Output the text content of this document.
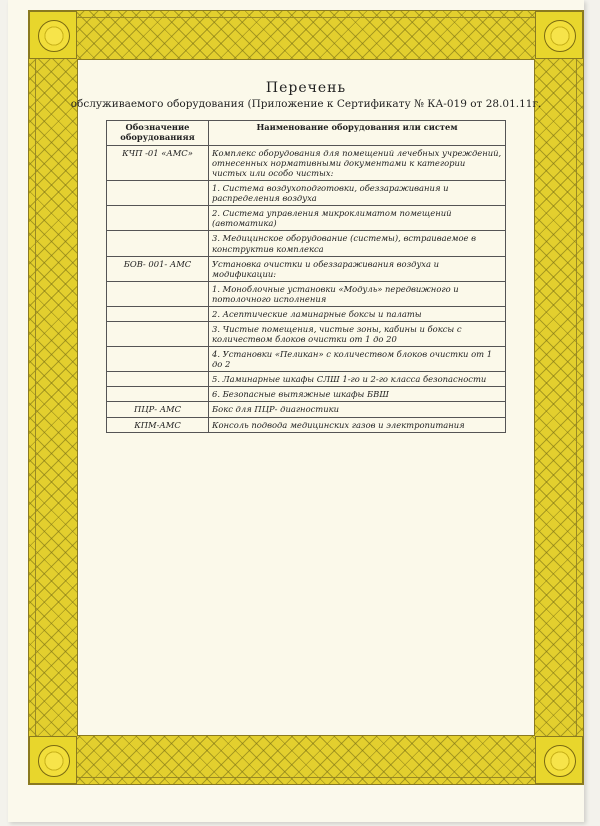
Перечень
обслуживаемого оборудования (Приложение к Сертификату № КА-019 от 28.01.11г.
Обозначение оборудованияя	Наименование оборудования или систем
КЧП -01 «АМС»	Комплекс оборудования для помещений лечебных учреждений, отнесенных нормативными документами к категории чистых или особо чистых:
	1. Система воздухоподготовки, обеззараживания и распределения воздуха
	2. Система управления микроклиматом помещений (автоматика)
	3. Медицинское оборудование (системы), встраиваемое в конструктив комплекса
БОВ- 001- АМС	Установка очистки и обеззараживания воздуха и модификации:
	1. Моноблочные установки «Модуль» передвижного и потолочного исполнения
	2. Асептические ламинарные боксы и палаты
	3. Чистые помещения, чистые зоны, кабины и боксы с количеством блоков очистки от 1 до 20
	4. Установки «Пеликан» с количеством блоков очистки от 1 до 2
	5. Ламинарные шкафы СЛШ 1-го и 2-го класса безопасности
	6. Безопасные вытяжные шкафы БВШ
ПЦР- АМС	Бокс для ПЦР- диагностики
КПМ-АМС	Консоль подвода медицинских газов и электропитания
